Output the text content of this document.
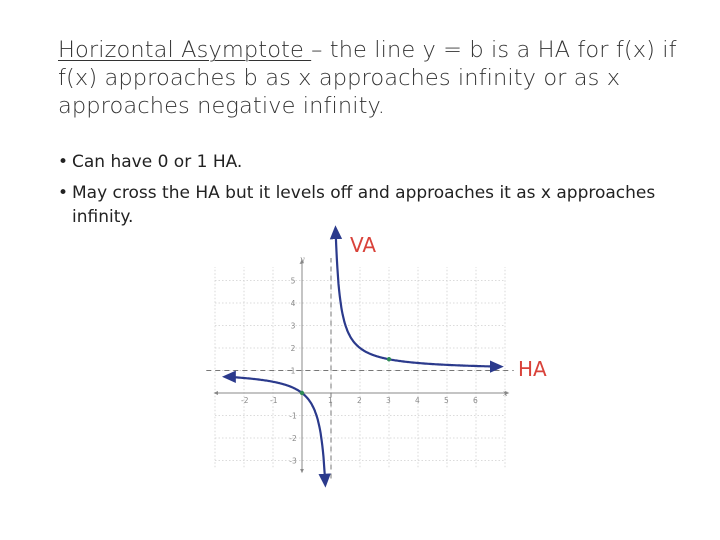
Horizontal Asymptote – the line y = b is a HA for f(x) if f(x) approaches b as x approaches infinity or as x approaches negative infinity.
• Can have 0 or 1 HA.
• May cross the HA but it levels off and approaches it as x approaches infinity.
-2	-1	1	2	3	4	5	6
5
4
3
2
1
-1
-2
-3
x
y
VA
HA
